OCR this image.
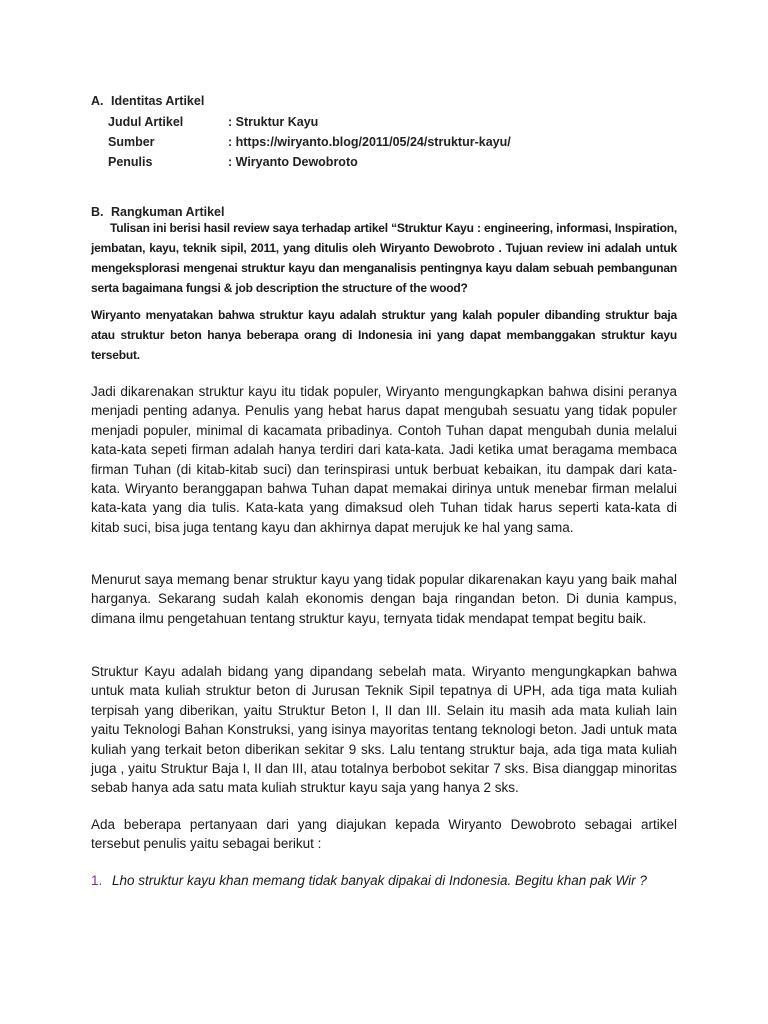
A. Identitas Artikel
Judul Artikel	: Struktur Kayu
Sumber	: https://wiryanto.blog/2011/05/24/struktur-kayu/
Penulis	: Wiryanto Dewobroto
B. Rangkuman Artikel
Tulisan ini berisi hasil review saya terhadap artikel “Struktur Kayu : engineering, informasi, Inspiration, jembatan, kayu, teknik sipil, 2011, yang ditulis oleh Wiryanto Dewobroto . Tujuan review ini adalah untuk mengeksplorasi mengenai struktur kayu dan menganalisis pentingnya kayu dalam sebuah pembangunan serta bagaimana fungsi & job description the structure of the wood?
Wiryanto menyatakan bahwa struktur kayu adalah struktur yang kalah populer dibanding struktur baja atau struktur beton hanya beberapa orang di Indonesia ini yang dapat membanggakan struktur kayu tersebut.
Jadi dikarenakan struktur kayu itu tidak populer, Wiryanto mengungkapkan bahwa disini peranya menjadi penting adanya. Penulis yang hebat harus dapat mengubah sesuatu yang tidak populer menjadi populer, minimal di kacamata pribadinya. Contoh Tuhan dapat mengubah dunia melalui kata-kata sepeti firman adalah hanya terdiri dari kata-kata. Jadi ketika umat beragama membaca firman Tuhan (di kitab-kitab suci) dan terinspirasi untuk berbuat kebaikan, itu dampak dari kata-kata. Wiryanto beranggapan bahwa Tuhan dapat memakai dirinya untuk menebar firman melalui kata-kata yang dia tulis. Kata-kata yang dimaksud oleh Tuhan tidak harus seperti kata-kata di kitab suci, bisa juga tentang kayu dan akhirnya dapat merujuk ke hal yang sama.
Menurut saya memang benar struktur kayu yang tidak popular dikarenakan kayu yang baik mahal harganya. Sekarang sudah kalah ekonomis dengan baja ringandan beton. Di dunia kampus, dimana ilmu pengetahuan tentang struktur kayu, ternyata tidak mendapat tempat begitu baik.
Struktur Kayu adalah bidang yang dipandang sebelah mata. Wiryanto mengungkapkan bahwa untuk mata kuliah struktur beton di Jurusan Teknik Sipil tepatnya di UPH, ada tiga mata kuliah terpisah yang diberikan, yaitu Struktur Beton I, II dan III. Selain itu masih ada mata kuliah lain yaitu Teknologi Bahan Konstruksi, yang isinya mayoritas tentang teknologi beton. Jadi untuk mata kuliah yang terkait beton diberikan sekitar 9 sks. Lalu tentang struktur baja, ada tiga mata kuliah juga , yaitu Struktur Baja I, II dan III, atau totalnya berbobot sekitar 7 sks. Bisa dianggap minoritas sebab hanya ada satu mata kuliah struktur kayu saja yang hanya 2 sks.
Ada beberapa pertanyaan dari yang diajukan kepada Wiryanto Dewobroto sebagai artikel tersebut penulis yaitu sebagai berikut :
1. Lho struktur kayu khan memang tidak banyak dipakai di Indonesia. Begitu khan pak Wir ?
